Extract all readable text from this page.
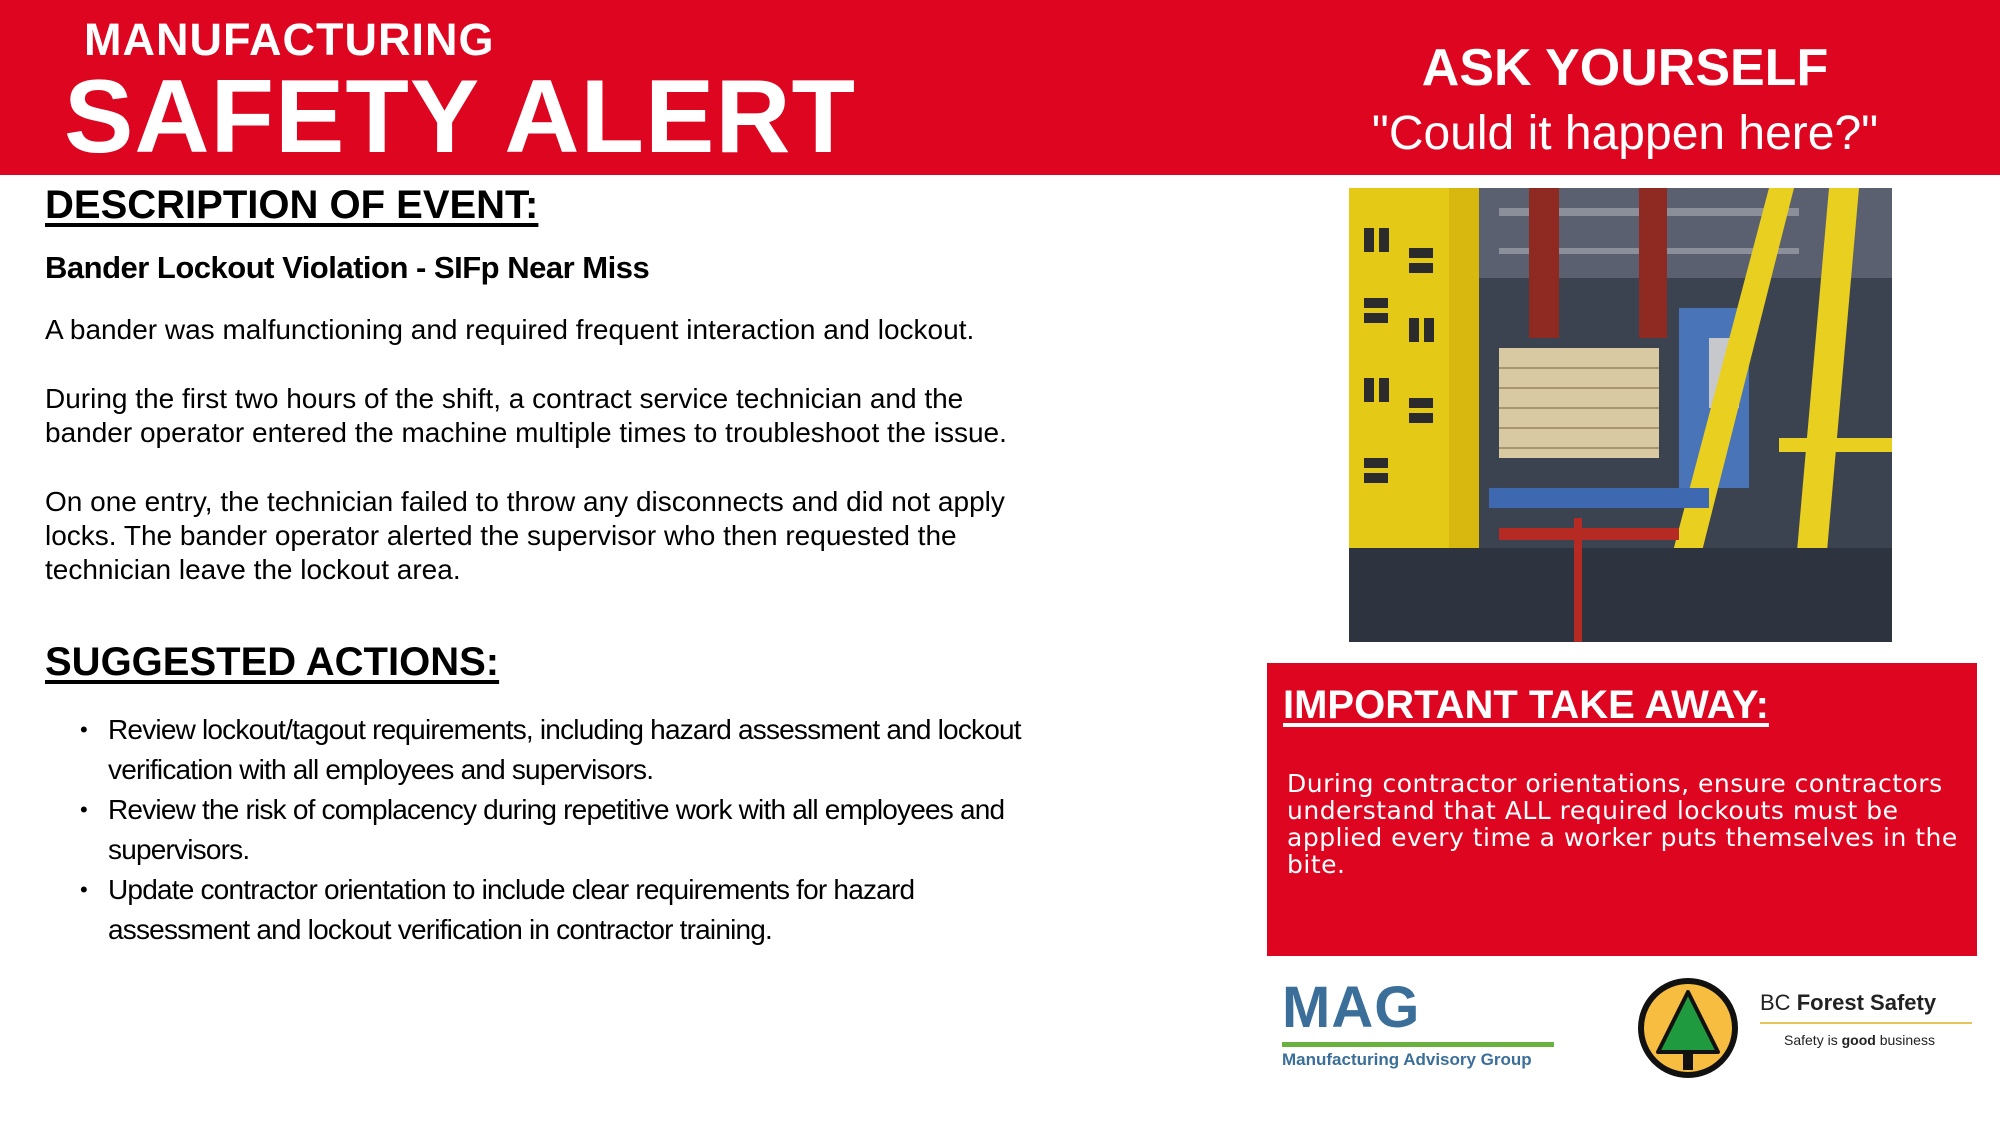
MANUFACTURING
SAFETY ALERT	ASK YOURSELF
"Could it happen here?"
DESCRIPTION OF EVENT:
Bander Lockout Violation - SIFp Near Miss
A bander was malfunctioning and required frequent interaction and lockout.
During the first two hours of the shift, a contract service technician and the bander operator entered the machine multiple times to troubleshoot the issue.
On one entry, the technician failed to throw any disconnects and did not apply locks. The bander operator alerted the supervisor who then requested the technician leave the lockout area.
SUGGESTED ACTIONS:
• Review lockout/tagout requirements, including hazard assessment and lockout verification with all employees and supervisors.
• Review the risk of complacency during repetitive work with all employees and supervisors.
• Update contractor orientation to include clear requirements for hazard assessment and lockout verification in contractor training.
IMPORTANT TAKE AWAY:
During contractor orientations, ensure contractors understand that ALL required lockouts must be applied every time a worker puts themselves in the bite.
MAG
Manufacturing Advisory Group
BC Forest Safety
Safety is good business
